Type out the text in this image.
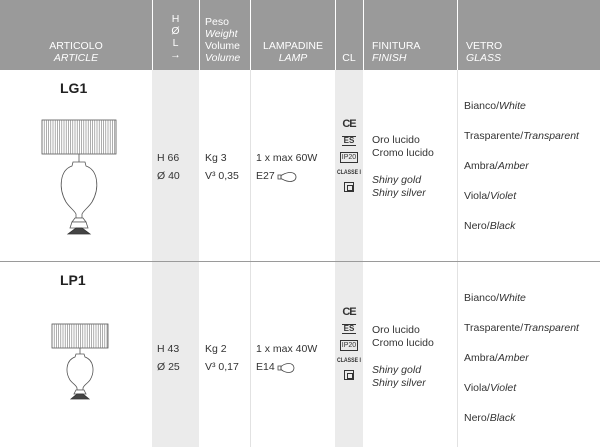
ARTICOLO
ARTICLE
H
Ø
L
→
Peso
Weight
Volume
Volume
LAMPADINE
LAMP	CL
FINITURA
FINISH
VETRO
GLASS
LG1
H 66
Ø 40
Kg 3
V³ 0,35
1 x max 60W
E27
CE
ES
IP20
CLASSE I
Oro lucido
Cromo lucido
Shiny gold
Shiny silver
Bianco/White
Trasparente/Transparent
Ambra/Amber
Viola/Violet
Nero/Black
LP1
H 43
Ø 25
Kg 2
V³ 0,17
1 x max 40W
E14
CE
ES
IP20
CLASSE I
Oro lucido
Cromo lucido
Shiny gold
Shiny silver
Bianco/White
Trasparente/Transparent
Ambra/Amber
Viola/Violet
Nero/Black
